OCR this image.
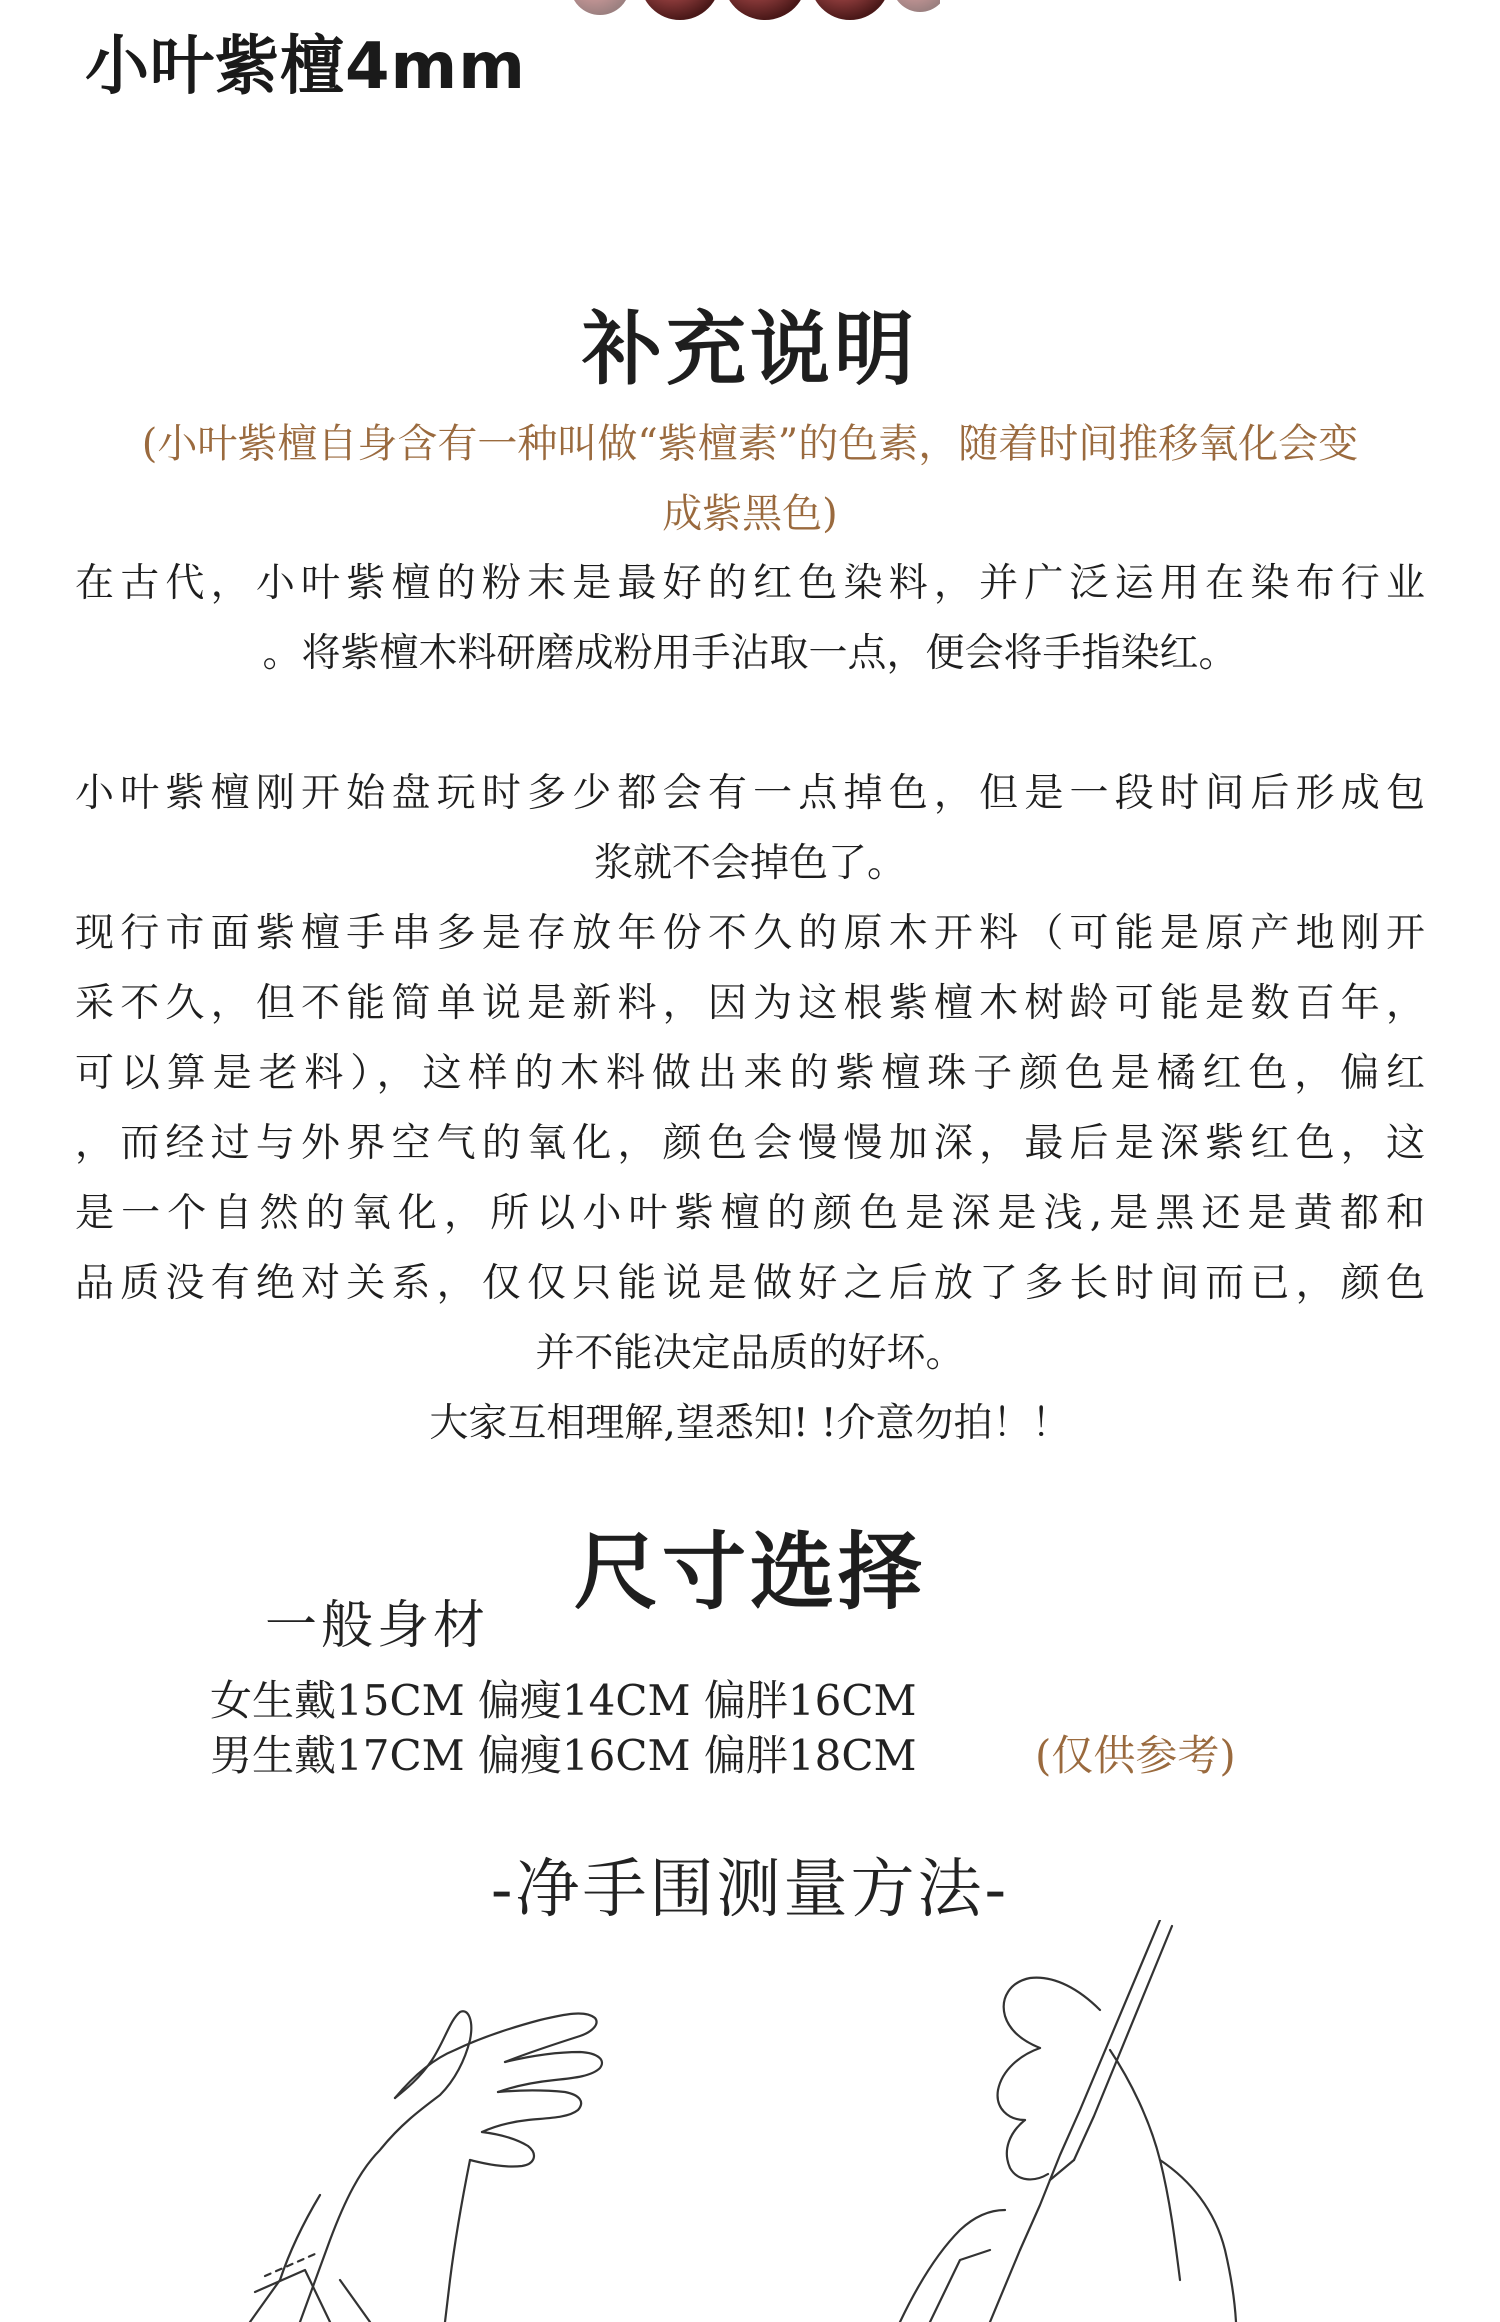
小叶紫檀4mm
补充说明
(小叶紫檀自身含有一种叫做“紫檀素”的色素，随着时间推移氧化会变
成紫黑色)
在古代，小叶紫檀的粉末是最好的红色染料，并广泛运用在染布行业
。将紫檀木料研磨成粉用手沾取一点，便会将手指染红。
小叶紫檀刚开始盘玩时多少都会有一点掉色，但是一段时间后形成包
浆就不会掉色了。
现行市面紫檀手串多是存放年份不久的原木开料（可能是原产地刚开
采不久，但不能简单说是新料，因为这根紫檀木树龄可能是数百年，
可以算是老料），这样的木料做出来的紫檀珠子颜色是橘红色，偏红
，而经过与外界空气的氧化，颜色会慢慢加深，最后是深紫红色，这
是一个自然的氧化，所以小叶紫檀的颜色是深是浅,是黑还是黄都和
品质没有绝对关系，仅仅只能说是做好之后放了多长时间而已，颜色
并不能决定品质的好坏。
大家互相理解,望悉知! !介意勿拍！！
尺寸选择
一般身材
女生戴15CM 偏瘦14CM 偏胖16CM
男生戴17CM 偏瘦16CM 偏胖18CM	(仅供参考)
-净手围测量方法-
